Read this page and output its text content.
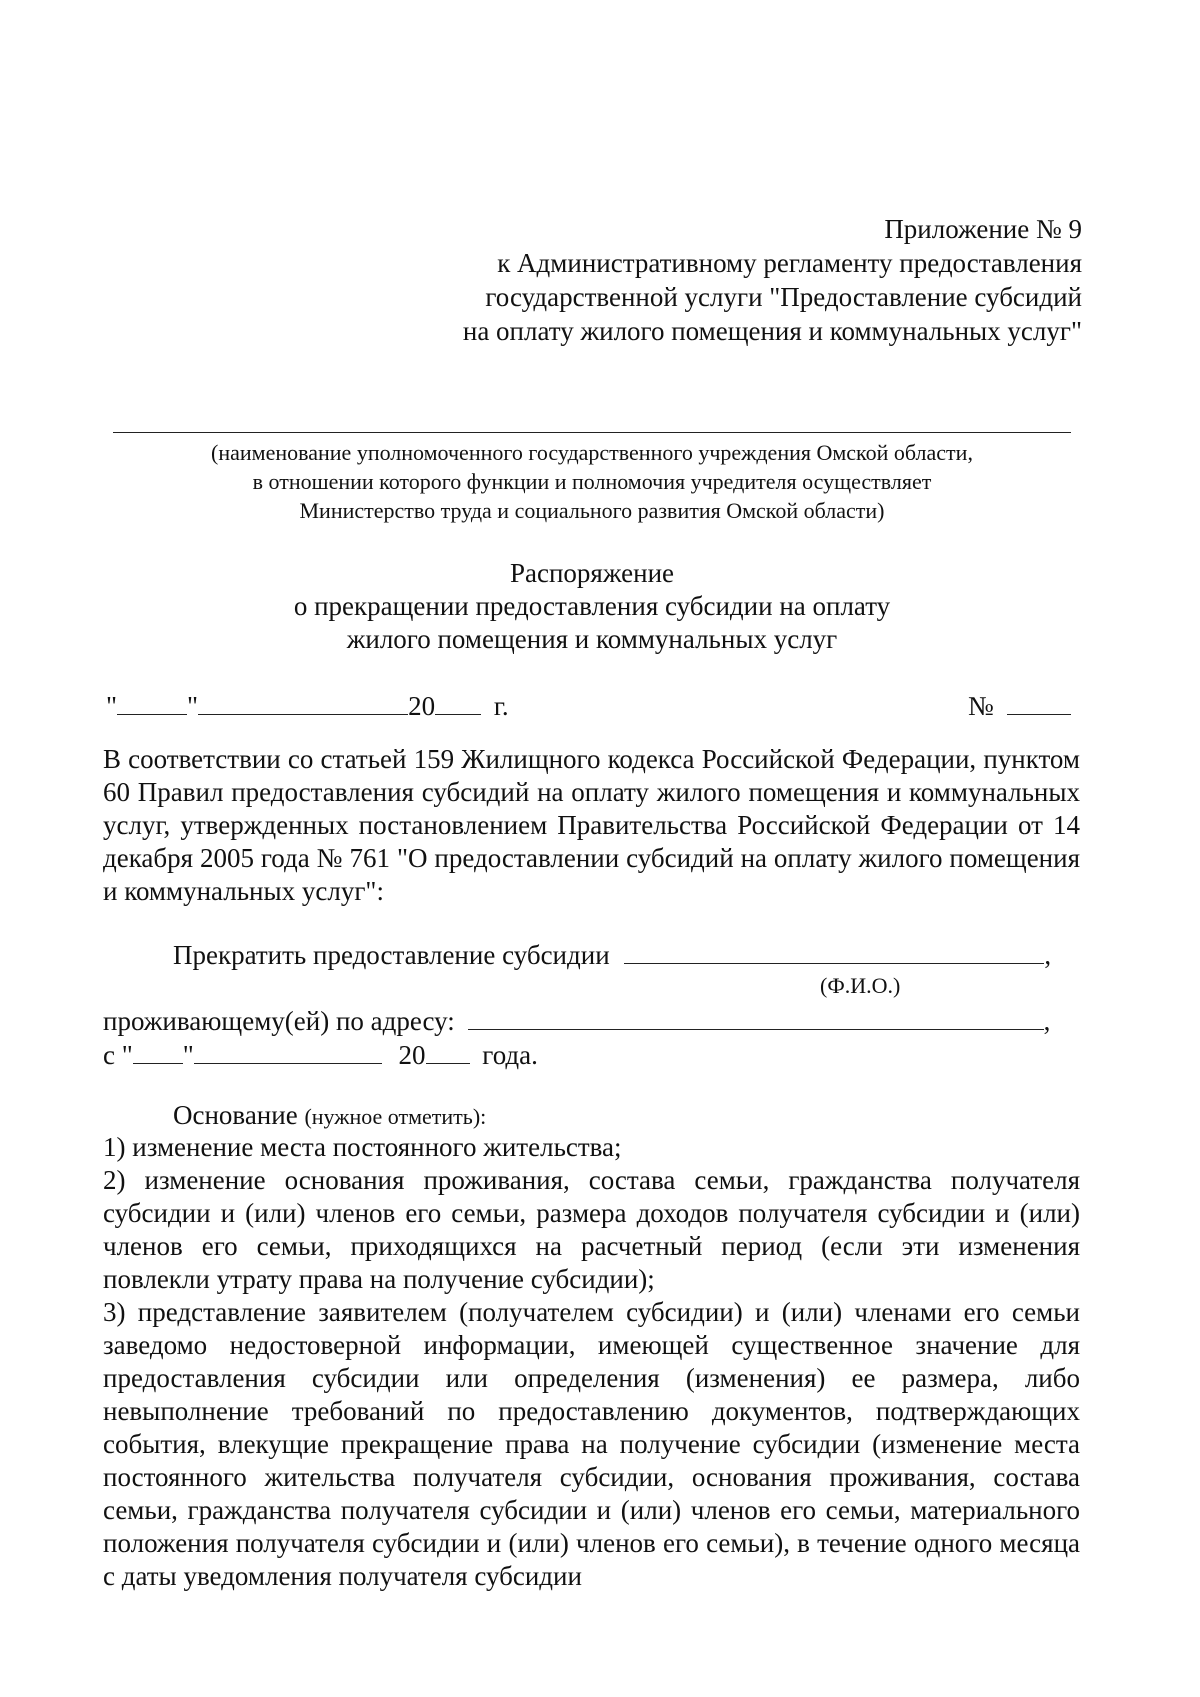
Приложение № 9
к Административному регламенту предоставления
государственной услуги "Предоставление субсидий
на оплату жилого помещения и коммунальных услуг"
(наименование уполномоченного государственного учреждения Омской области,
в отношении которого функции и полномочия учредителя осуществляет
Министерство труда и социального развития Омской области)
Распоряжение
о прекращении предоставления субсидии на оплату
жилого помещения и коммунальных услуг
"	"	20 г.	№

В соответствии со статьей 159 Жилищного кодекса Российской Федерации, пунктом 60 Правил предоставления субсидий на оплату жилого помещения и коммунальных услуг, утвержденных постановлением Правительства Российской Федерации от 14 декабря 2005 года № 761 "О предоставлении субсидий на оплату жилого помещения и коммунальных услуг":

Прекратить предоставление субсидии	,
(Ф.И.О.)
проживающему(ей) по адресу:	,
с " "	20 года.
Основание (нужное отметить):

1) изменение места постоянного жительства;

2) изменение основания проживания, состава семьи, гражданства получателя субсидии и (или) членов его семьи, размера доходов получателя субсидии и (или) членов его семьи, приходящихся на расчетный период (если эти изменения повлекли утрату права на получение субсидии);

3) представление заявителем (получателем субсидии) и (или) членами его семьи заведомо недостоверной информации, имеющей существенное значение для предоставления субсидии или определения (изменения) ее размера, либо невыполнение требований по предоставлению документов, подтверждающих события, влекущие прекращение права на получение субсидии (изменение места постоянного жительства получателя субсидии, основания проживания, состава семьи, гражданства получателя субсидии и (или) членов его семьи, материального положения получателя субсидии и (или) членов его семьи), в течение одного месяца с даты уведомления получателя субсидии
